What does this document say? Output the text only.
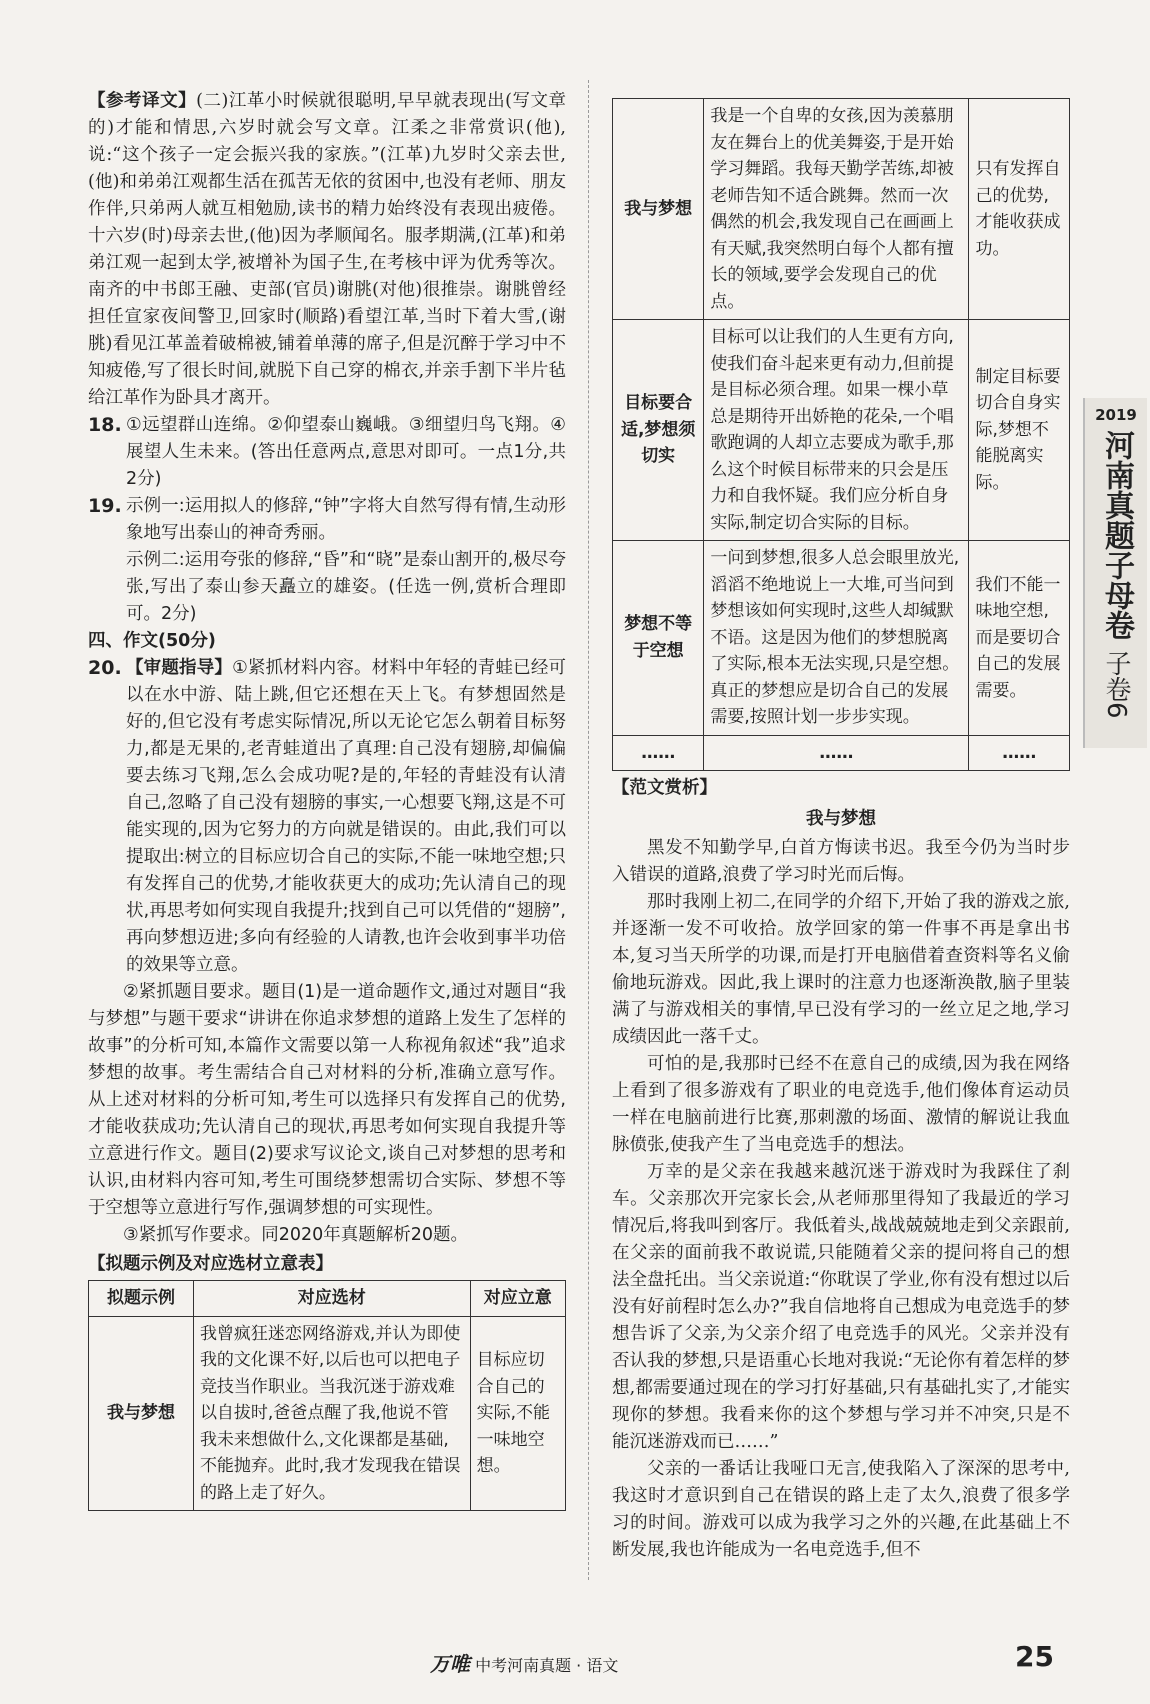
【参考译文】(二)江革小时候就很聪明,早早就表现出(写文章的)才能和情思,六岁时就会写文章。江柔之非常赏识(他),说:“这个孩子一定会振兴我的家族。”(江革)九岁时父亲去世,(他)和弟弟江观都生活在孤苦无依的贫困中,也没有老师、朋友作伴,只弟两人就互相勉励,读书的精力始终没有表现出疲倦。十六岁(时)母亲去世,(他)因为孝顺闻名。服孝期满,(江革)和弟弟江观一起到太学,被增补为国子生,在考核中评为优秀等次。南齐的中书郎王融、吏部(官员)谢朓(对他)很推崇。谢朓曾经担任宣家夜间警卫,回家时(顺路)看望江革,当时下着大雪,(谢朓)看见江革盖着破棉被,铺着单薄的席子,但是沉醉于学习中不知疲倦,写了很长时间,就脱下自己穿的棉衣,并亲手割下半片毡给江革作为卧具才离开。

18. ①远望群山连绵。②仰望泰山巍峨。③细望归鸟飞翔。④展望人生未来。(答出任意两点,意思对即可。一点1分,共2分)

19. 示例一:运用拟人的修辞,“钟”字将大自然写得有情,生动形象地写出泰山的神奇秀丽。

示例二:运用夸张的修辞,“昏”和“晓”是泰山割开的,极尽夸张,写出了泰山参天矗立的雄姿。(任选一例,赏析合理即可。2分)

四、作文(50分)

20. 【审题指导】①紧抓材料内容。材料中年轻的青蛙已经可以在水中游、陆上跳,但它还想在天上飞。有梦想固然是好的,但它没有考虑实际情况,所以无论它怎么朝着目标努力,都是无果的,老青蛙道出了真理:自己没有翅膀,却偏偏要去练习飞翔,怎么会成功呢?是的,年轻的青蛙没有认清自己,忽略了自己没有翅膀的事实,一心想要飞翔,这是不可能实现的,因为它努力的方向就是错误的。由此,我们可以提取出:树立的目标应切合自己的实际,不能一味地空想;只有发挥自己的优势,才能收获更大的成功;先认清自己的现状,再思考如何实现自我提升;找到自己可以凭借的“翅膀”,再向梦想迈进;多向有经验的人请教,也许会收到事半功倍的效果等立意。

②紧抓题目要求。题目(1)是一道命题作文,通过对题目“我与梦想”与题干要求“讲讲在你追求梦想的道路上发生了怎样的故事”的分析可知,本篇作文需要以第一人称视角叙述“我”追求梦想的故事。考生需结合自己对材料的分析,准确立意写作。从上述对材料的分析可知,考生可以选择只有发挥自己的优势,才能收获成功;先认清自己的现状,再思考如何实现自我提升等立意进行作文。题目(2)要求写议论文,谈自己对梦想的思考和认识,由材料内容可知,考生可围绕梦想需切合实际、梦想不等于空想等立意进行写作,强调梦想的可实现性。

③紧抓写作要求。同2020年真题解析20题。

【拟题示例及对应选材立意表】

拟题示例	对应选材	对应立意
我与梦想	我曾疯狂迷恋网络游戏,并认为即使我的文化课不好,以后也可以把电子竞技当作职业。当我沉迷于游戏难以自拔时,爸爸点醒了我,他说不管我未来想做什么,文化课都是基础,不能抛弃。此时,我才发现我在错误的路上走了好久。	目标应切合自己的实际,不能一味地空想。
我与梦想	我是一个自卑的女孩,因为羡慕朋友在舞台上的优美舞姿,于是开始学习舞蹈。我每天勤学苦练,却被老师告知不适合跳舞。然而一次偶然的机会,我发现自己在画画上有天赋,我突然明白每个人都有擅长的领域,要学会发现自己的优点。	只有发挥自己的优势,才能收获成功。
目标要合适,梦想须切实	目标可以让我们的人生更有方向,使我们奋斗起来更有动力,但前提是目标必须合理。如果一棵小草总是期待开出娇艳的花朵,一个唱歌跑调的人却立志要成为歌手,那么这个时候目标带来的只会是压力和自我怀疑。我们应分析自身实际,制定切合实际的目标。	制定目标要切合自身实际,梦想不能脱离实际。
梦想不等于空想	一问到梦想,很多人总会眼里放光,滔滔不绝地说上一大堆,可当问到梦想该如何实现时,这些人却缄默不语。这是因为他们的梦想脱离了实际,根本无法实现,只是空想。真正的梦想应是切合自己的发展需要,按照计划一步步实现。	我们不能一味地空想,而是要切合自己的发展需要。
……	……	……

【范文赏析】

我与梦想

黑发不知勤学早,白首方悔读书迟。我至今仍为当时步入错误的道路,浪费了学习时光而后悔。

那时我刚上初二,在同学的介绍下,开始了我的游戏之旅,并逐渐一发不可收拾。放学回家的第一件事不再是拿出书本,复习当天所学的功课,而是打开电脑借着查资料等名义偷偷地玩游戏。因此,我上课时的注意力也逐渐涣散,脑子里装满了与游戏相关的事情,早已没有学习的一丝立足之地,学习成绩因此一落千丈。

可怕的是,我那时已经不在意自己的成绩,因为我在网络上看到了很多游戏有了职业的电竞选手,他们像体育运动员一样在电脑前进行比赛,那刺激的场面、激情的解说让我血脉偾张,使我产生了当电竞选手的想法。

万幸的是父亲在我越来越沉迷于游戏时为我踩住了刹车。父亲那次开完家长会,从老师那里得知了我最近的学习情况后,将我叫到客厅。我低着头,战战兢兢地走到父亲跟前,在父亲的面前我不敢说谎,只能随着父亲的提问将自己的想法全盘托出。当父亲说道:“你耽误了学业,你有没有想过以后没有好前程时怎么办?”我自信地将自己想成为电竞选手的梦想告诉了父亲,为父亲介绍了电竞选手的风光。父亲并没有否认我的梦想,只是语重心长地对我说:“无论你有着怎样的梦想,都需要通过现在的学习打好基础,只有基础扎实了,才能实现你的梦想。我看来你的这个梦想与学习并不冲突,只是不能沉迷游戏而已……”

父亲的一番话让我哑口无言,使我陷入了深深的思考中,我这时才意识到自己在错误的路上走了太久,浪费了很多学习的时间。游戏可以成为我学习之外的兴趣,在此基础上不断发展,我也许能成为一名电竞选手,但不

2019
河南真题子母卷
子卷6
万唯 中考河南真题 · 语文	25
